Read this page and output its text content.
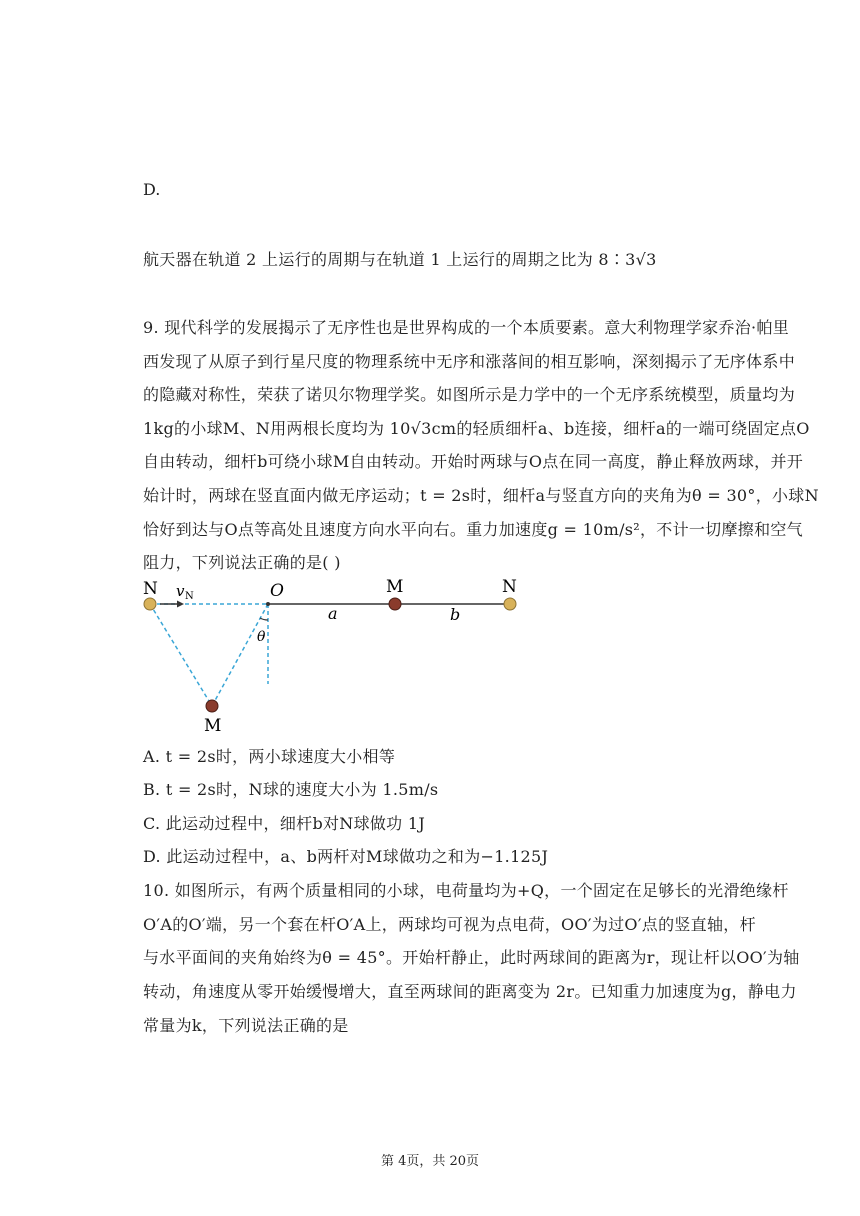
D.
航天器在轨道 2 上运行的周期与在轨道 1 上运行的周期之比为 8∶3√3
9. 现代科学的发展揭示了无序性也是世界构成的一个本质要素。意大利物理学家乔治·帕里
西发现了从原子到行星尺度的物理系统中无序和涨落间的相互影响，深刻揭示了无序体系中
的隐藏对称性，荣获了诺贝尔物理学奖。如图所示是力学中的一个无序系统模型，质量均为
1kg的小球M、N用两根长度均为 10√3cm的轻质细杆a、b连接，细杆a的一端可绕固定点O
自由转动，细杆b可绕小球M自由转动。开始时两球与O点在同一高度，静止释放两球，并开
始计时，两球在竖直面内做无序运动；t = 2s时，细杆a与竖直方向的夹角为θ = 30°，小球N
恰好到达与O点等高处且速度方向水平向右。重力加速度g = 10m/s²，不计一切摩擦和空气
阻力，下列说法正确的是( )
N v N	O	M	N
a	b
θ
M
A. t = 2s时，两小球速度大小相等
B. t = 2s时，N球的速度大小为 1.5m/s
C. 此运动过程中，细杆b对N球做功 1J
D. 此运动过程中，a、b两杆对M球做功之和为−1.125J
10. 如图所示，有两个质量相同的小球，电荷量均为+Q，一个固定在足够长的光滑绝缘杆
O′A的O′端，另一个套在杆O′A上，两球均可视为点电荷，OO′为过O′点的竖直轴，杆
与水平面间的夹角始终为θ = 45°。开始杆静止，此时两球间的距离为r，现让杆以OO′为轴
转动，角速度从零开始缓慢增大，直至两球间的距离变为 2r。已知重力加速度为g，静电力
常量为k，下列说法正确的是
第 4页，共 20页
